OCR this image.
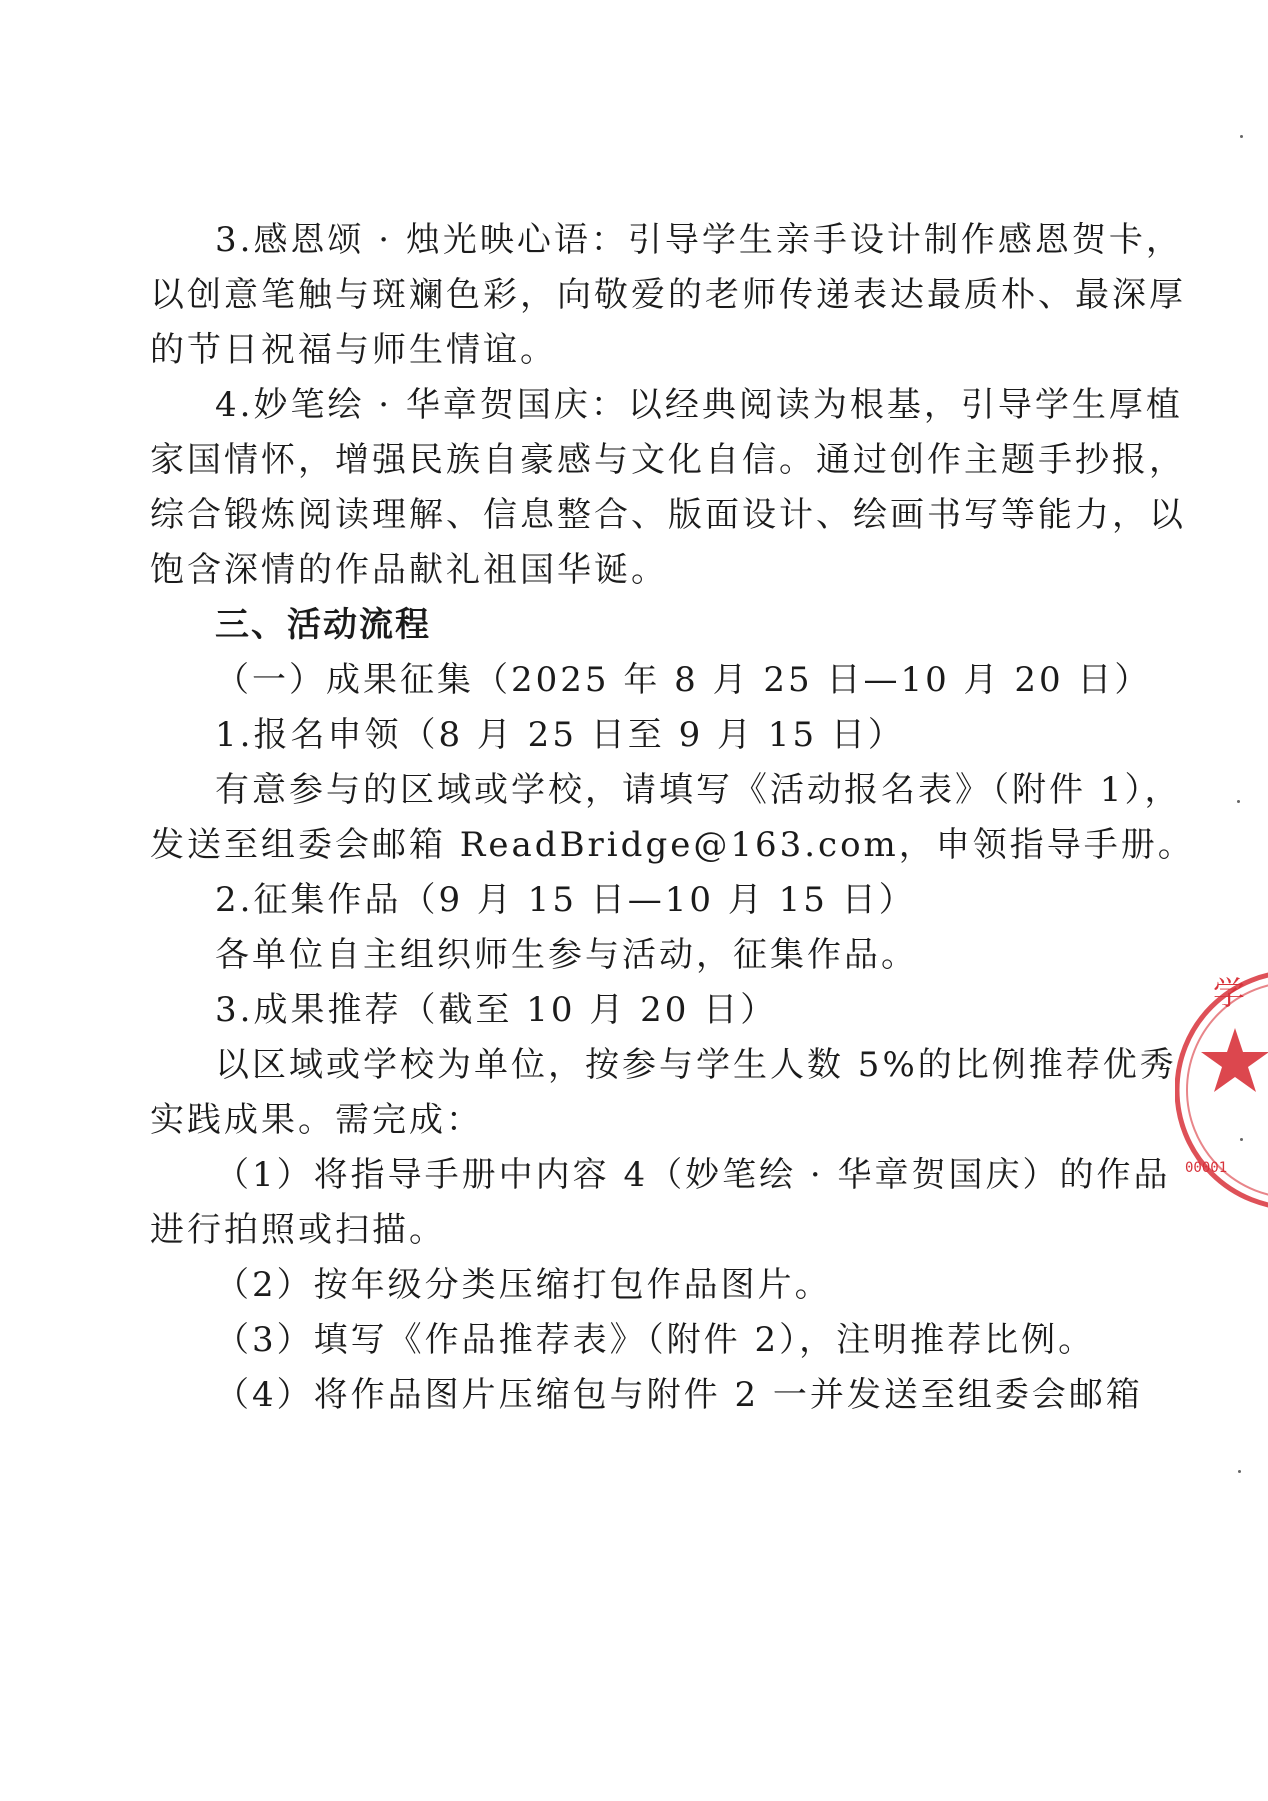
3.感恩颂 · 烛光映心语：引导学生亲手设计制作感恩贺卡，
以创意笔触与斑斓色彩，向敬爱的老师传递表达最质朴、最深厚
的节日祝福与师生情谊。
4.妙笔绘 · 华章贺国庆：以经典阅读为根基，引导学生厚植
家国情怀，增强民族自豪感与文化自信。通过创作主题手抄报，
综合锻炼阅读理解、信息整合、版面设计、绘画书写等能力，以
饱含深情的作品献礼祖国华诞。
三、活动流程
（一）成果征集（2025 年 8 月 25 日—10 月 20 日）
1.报名申领（8 月 25 日至 9 月 15 日）
有意参与的区域或学校，请填写《活动报名表》（附件 1），
发送至组委会邮箱 ReadBridge@163.com，申领指导手册。
2.征集作品（9 月 15 日—10 月 15 日）
各单位自主组织师生参与活动，征集作品。
3.成果推荐（截至 10 月 20 日）
以区域或学校为单位，按参与学生人数 5%的比例推荐优秀
实践成果。需完成：
（1）将指导手册中内容 4（妙笔绘 · 华章贺国庆）的作品
进行拍照或扫描。
（2）按年级分类压缩打包作品图片。
（3）填写《作品推荐表》（附件 2），注明推荐比例。
（4）将作品图片压缩包与附件 2 一并发送至组委会邮箱
学
00001
